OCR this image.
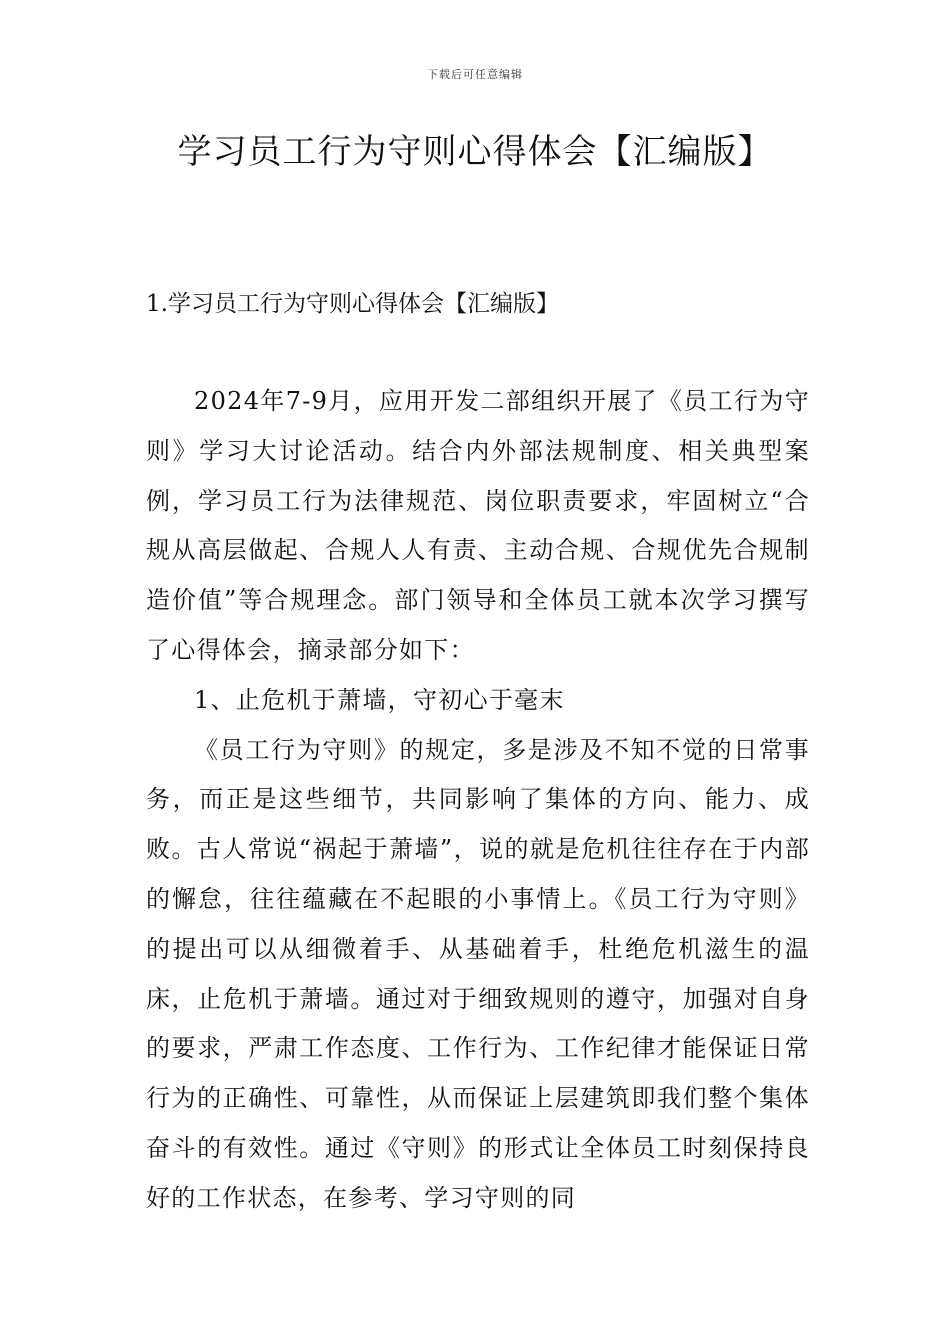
下载后可任意编辑
学习员工行为守则心得体会【汇编版】
1.学习员工行为守则心得体会【汇编版】

2024年7-9月，应用开发二部组织开展了《员工行为守则》学习大讨论活动。结合内外部法规制度、相关典型案例，学习员工行为法律规范、岗位职责要求，牢固树立“合规从高层做起、合规人人有责、主动合规、合规优先合规制造价值”等合规理念。部门领导和全体员工就本次学习撰写了心得体会，摘录部分如下：

1、止危机于萧墙，守初心于毫末

《员工行为守则》的规定，多是涉及不知不觉的日常事务，而正是这些细节，共同影响了集体的方向、能力、成败。古人常说“祸起于萧墙”，说的就是危机往往存在于内部的懈怠，往往蕴藏在不起眼的小事情上。《员工行为守则》的提出可以从细微着手、从基础着手，杜绝危机滋生的温床，止危机于萧墙。通过对于细致规则的遵守，加强对自身的要求，严肃工作态度、工作行为、工作纪律才能保证日常行为的正确性、可靠性，从而保证上层建筑即我们整个集体奋斗的有效性。通过《守则》的形式让全体员工时刻保持良好的工作状态，在参考、学习守则的同
